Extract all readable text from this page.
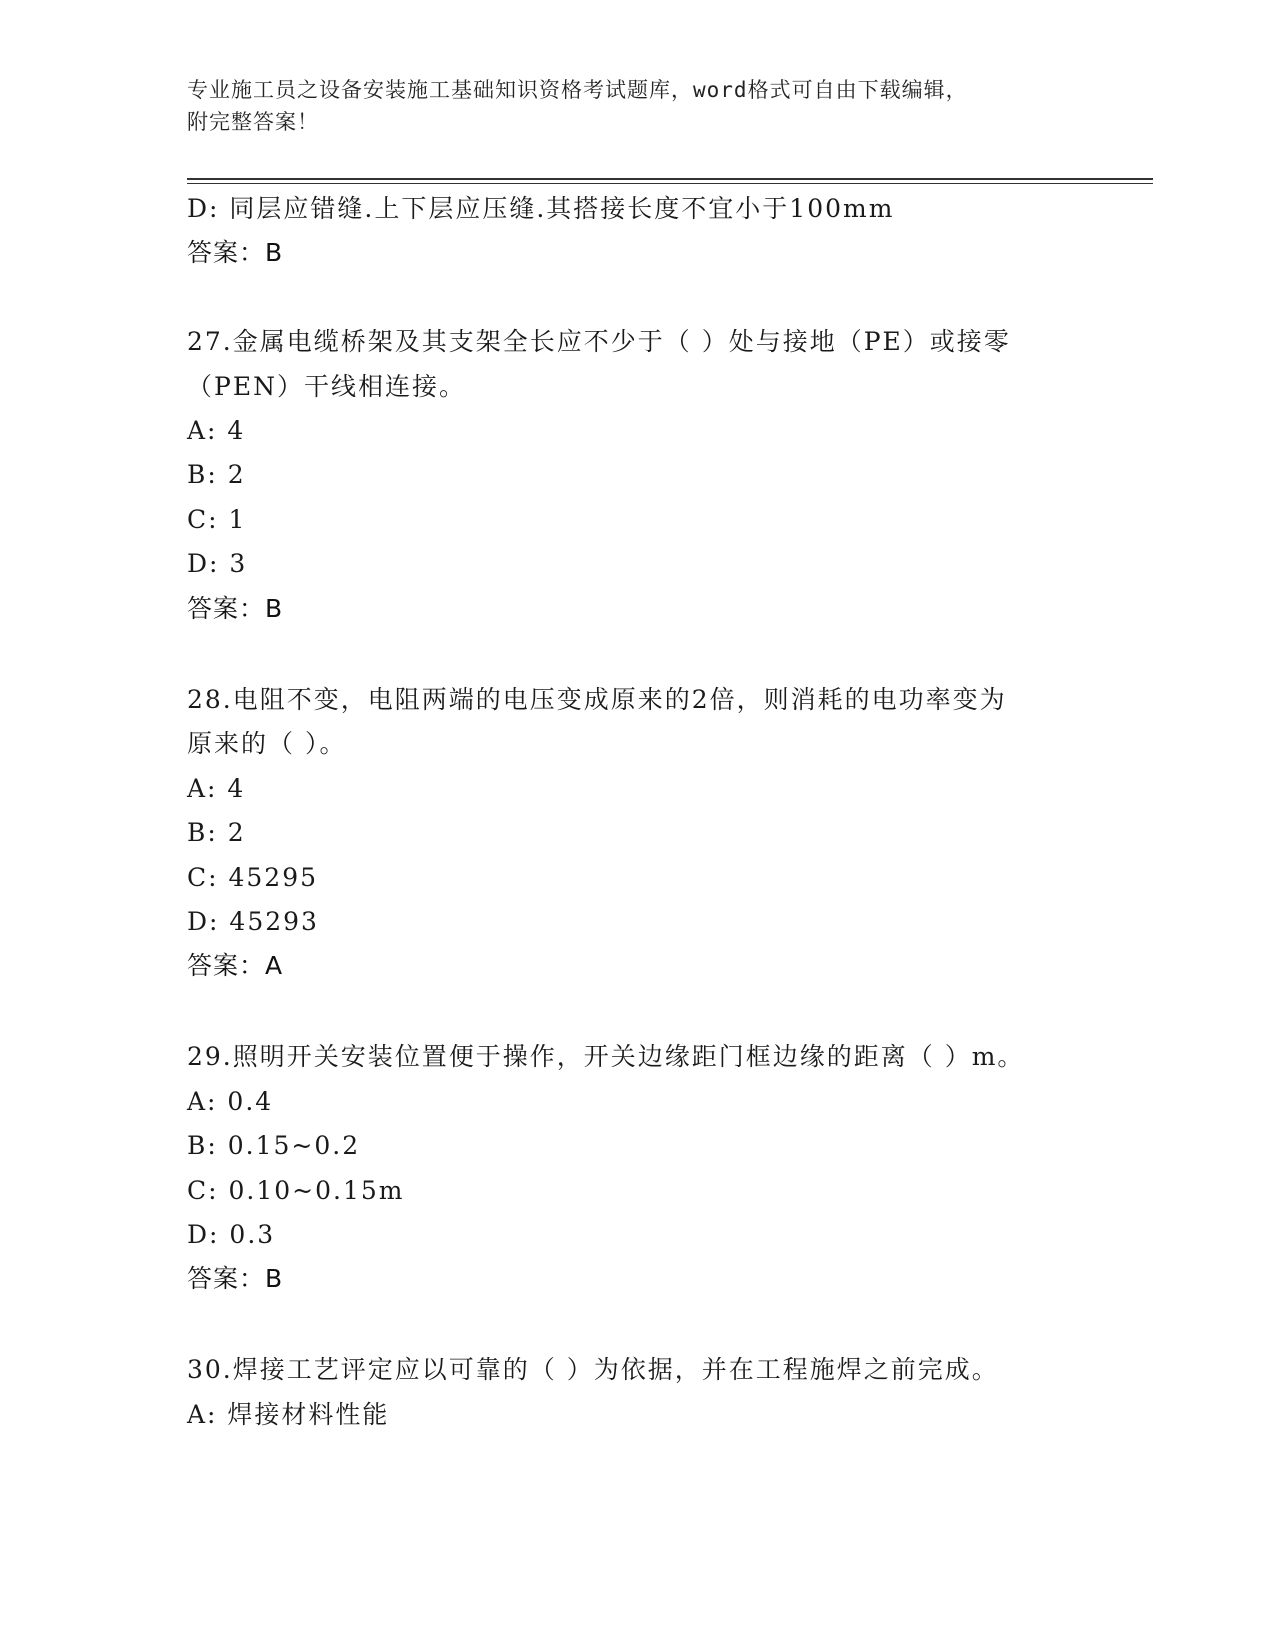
专业施工员之设备安装施工基础知识资格考试题库，word格式可自由下载编辑，
附完整答案！
D: 同层应错缝.上下层应压缝.其搭接长度不宜小于100mm
答案：B
27.金属电缆桥架及其支架全长应不少于（ ）处与接地（PE）或接零
（PEN）干线相连接。
A: 4
B: 2
C: 1
D: 3
答案：B
28.电阻不变，电阻两端的电压变成原来的2倍，则消耗的电功率变为
原来的（ ）。
A: 4
B: 2
C: 45295
D: 45293
答案：A
29.照明开关安装位置便于操作，开关边缘距门框边缘的距离（ ）m。
A: 0.4
B: 0.15~0.2
C: 0.10~0.15m
D: 0.3
答案：B
30.焊接工艺评定应以可靠的（ ）为依据，并在工程施焊之前完成。
A: 焊接材料性能
